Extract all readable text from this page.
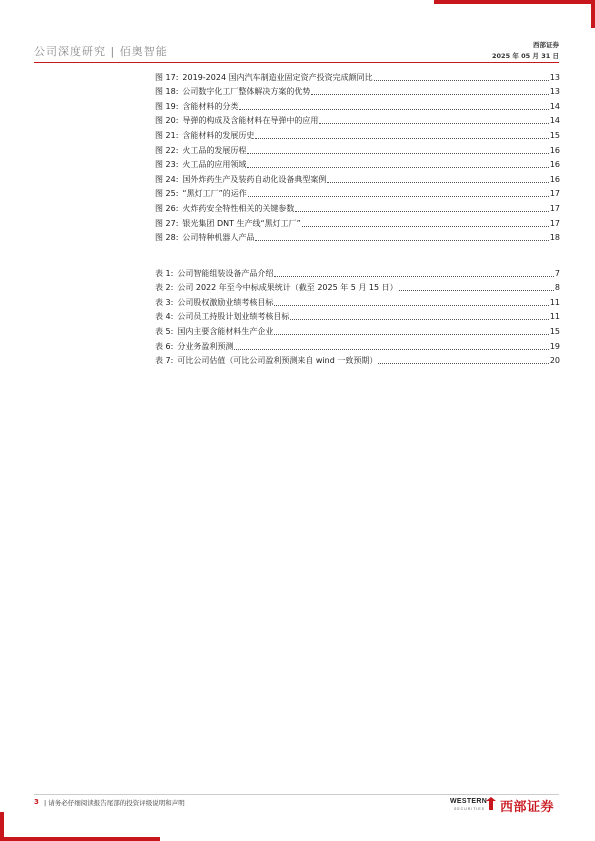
公司深度研究 | 佰奥智能	西部证券
2025 年 05 月 31 日
图 17: 2019-2024 国内汽车制造业固定资产投资完成额同比	13
图 18: 公司数字化工厂整体解决方案的优势	13
图 19: 含能材料的分类	14
图 20: 导弹的构成及含能材料在导弹中的应用	14
图 21: 含能材料的发展历史	15
图 22: 火工品的发展历程	16
图 23: 火工品的应用领域	16
图 24: 国外炸药生产及装药自动化设备典型案例	16
图 25: “黑灯工厂”的运作	17
图 26: 火炸药安全特性相关的关键参数	17
图 27: 银光集团 DNT 生产线“黑灯工厂”	17
图 28: 公司特种机器人产品	18
表 1: 公司智能组装设备产品介绍	7
表 2: 公司 2022 年至今中标成果统计（截至 2025 年 5 月 15 日）	8
表 3: 公司股权激励业绩考核目标	11
表 4: 公司员工持股计划业绩考核目标	11
表 5: 国内主要含能材料生产企业	15
表 6: 分业务盈利预测	19
表 7: 可比公司估值（可比公司盈利预测来自 wind 一致预期）	20
3 | 请务必仔细阅读报告尾部的投资评级说明和声明	WESTERN
SECURITIES 西部证券
